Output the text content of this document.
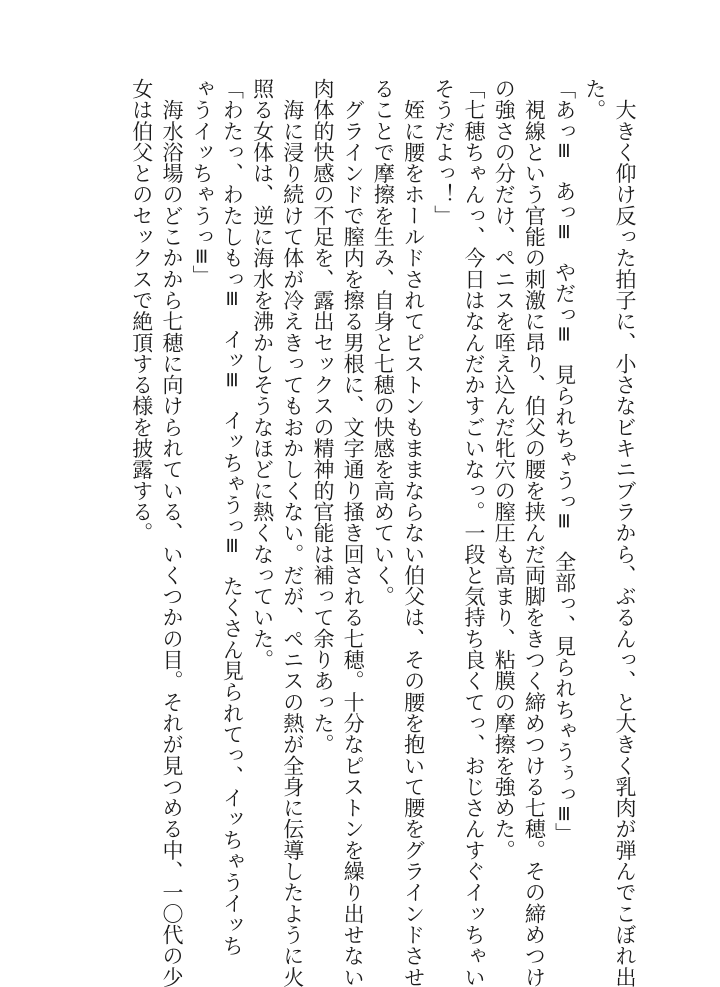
　大きく仰け反った拍子に、小さなビキニブラから、ぶるんっ、と大きく乳肉が弾んでこぼれ出
た。
「あっ≡　あっ≡　やだっ≡　見られちゃうっ≡　全部っ、見られちゃうぅっ≡」
　視線という官能の刺激に昂り、伯父の腰を挟んだ両脚をきつく締めつける七穂。その締めつけ
の強さの分だけ、ペニスを咥え込んだ牝穴の膣圧も高まり、粘膜の摩擦を強めた。
「七穂ちゃんっ、今日はなんだかすごいなっ。一段と気持ち良くてっ、おじさんすぐイッちゃい
そうだよっ！」
　姪に腰をホールドされてピストンもままならない伯父は、その腰を抱いて腰をグラインドさせ
ることで摩擦を生み、自身と七穂の快感を高めていく。
　グラインドで膣内を擦る男根に、文字通り掻き回される七穂。十分なピストンを繰り出せない
肉体的快感の不足を、露出セックスの精神的官能は補って余りあった。
　海に浸り続けて体が冷えきってもおかしくない。だが、ペニスの熱が全身に伝導したように火
照る女体は、逆に海水を沸かしそうなほどに熱くなっていた。
「わたっ、わたしもっ≡　イッ≡　イッちゃうっ≡　たくさん見られてっ、イッちゃうイッち
ゃうイッちゃうっ≡」
　海水浴場のどこかから七穂に向けられている、いくつかの目。それが見つめる中、一〇代の少
女は伯父とのセックスで絶頂する様を披露する。
